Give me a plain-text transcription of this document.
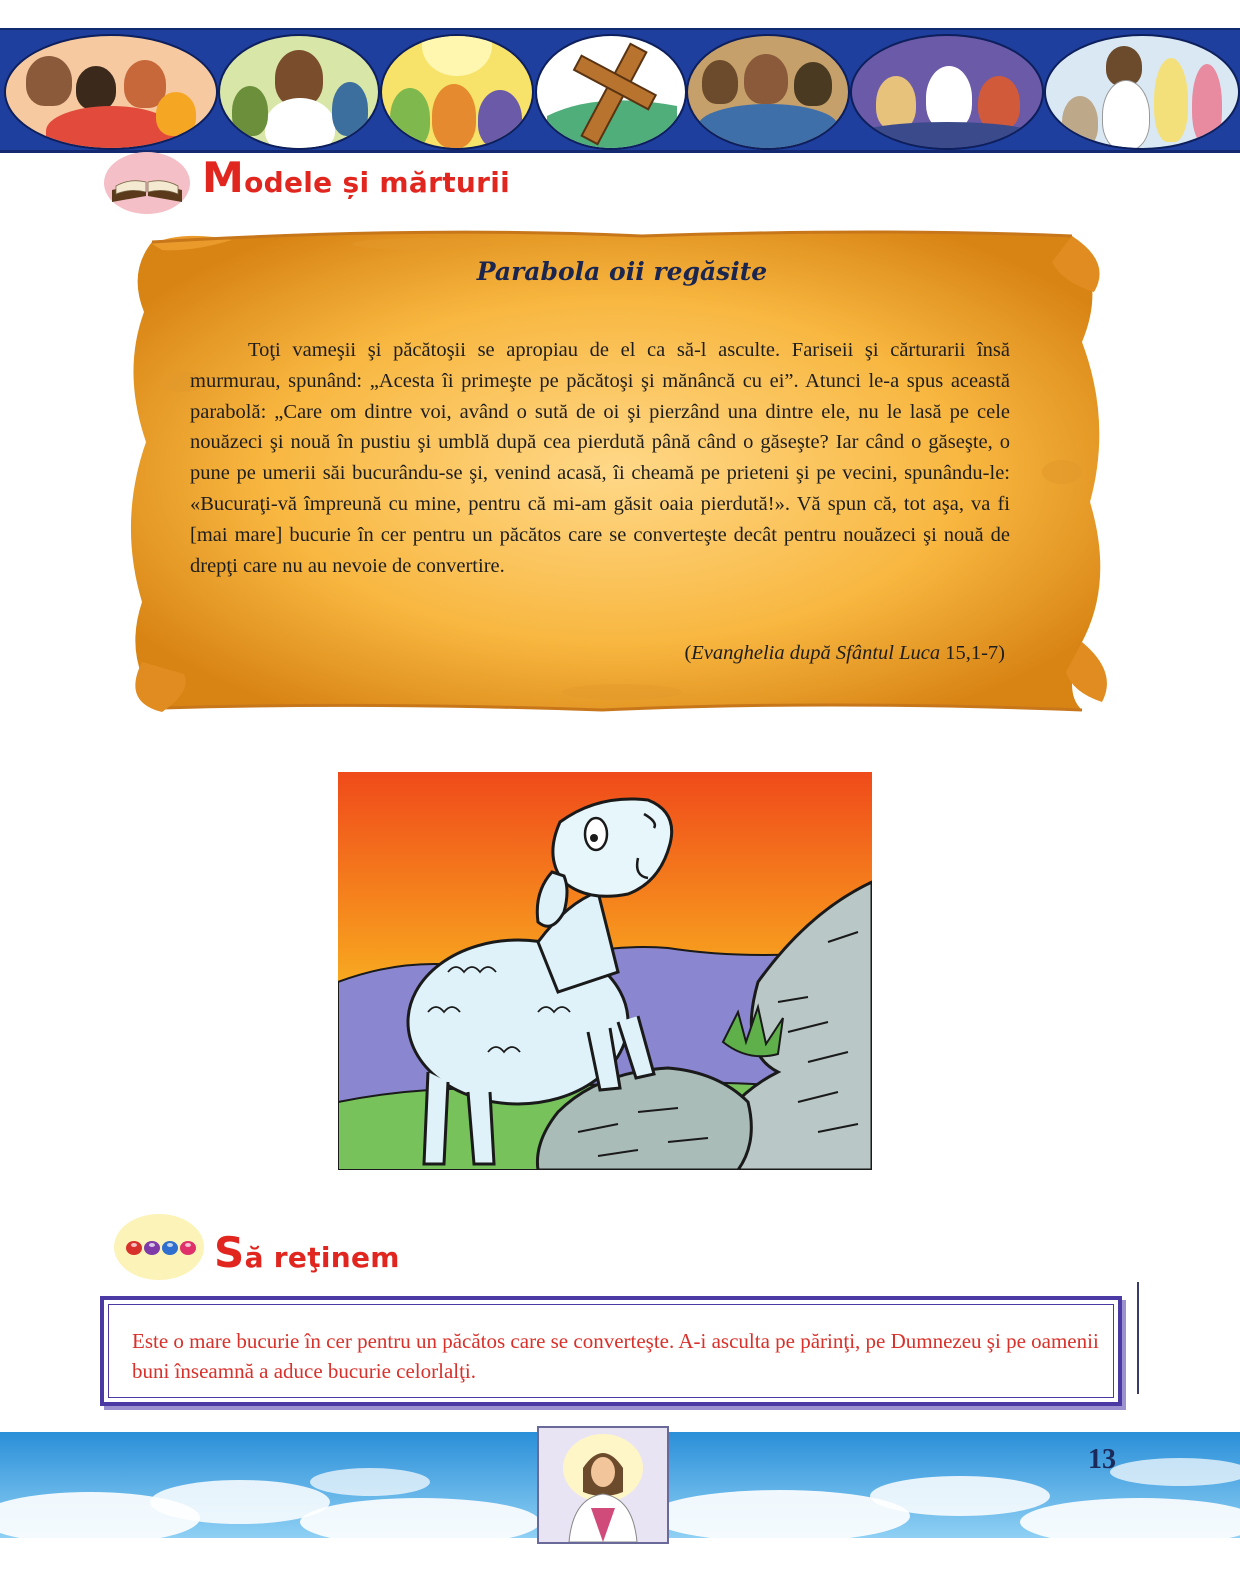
Modele și mărturii
Parabola oii regăsite
Toţi vameşii şi păcătoşii se apropiau de el ca să-l asculte. Fariseii şi cărturarii însă murmurau, spunând: „Acesta îi primeşte pe păcătoşi şi mănâncă cu ei”. Atunci le-a spus această parabolă: „Care om dintre voi, având o sută de oi şi pierzând una dintre ele, nu le lasă pe cele nouăzeci şi nouă în pustiu şi umblă după cea pierdută până când o găseşte? Iar când o găseşte, o pune pe umerii săi bucurându-se şi, venind acasă, îi cheamă pe prieteni şi pe vecini, spunându-le: «Bucuraţi-vă împreună cu mine, pentru că mi-am găsit oaia pierdută!». Vă spun că, tot aşa, va fi [mai mare] bucurie în cer pentru un păcătos care se converteşte decât pentru nouăzeci şi nouă de drepţi care nu au nevoie de convertire.
(Evanghelia după Sfântul Luca 15,1-7)
Să reţinem
Este o mare bucurie în cer pentru un păcătos care se converteşte. A-i asculta pe părinţi, pe Dumnezeu şi pe oamenii buni înseamnă a aduce bucurie celorlalţi.
13
